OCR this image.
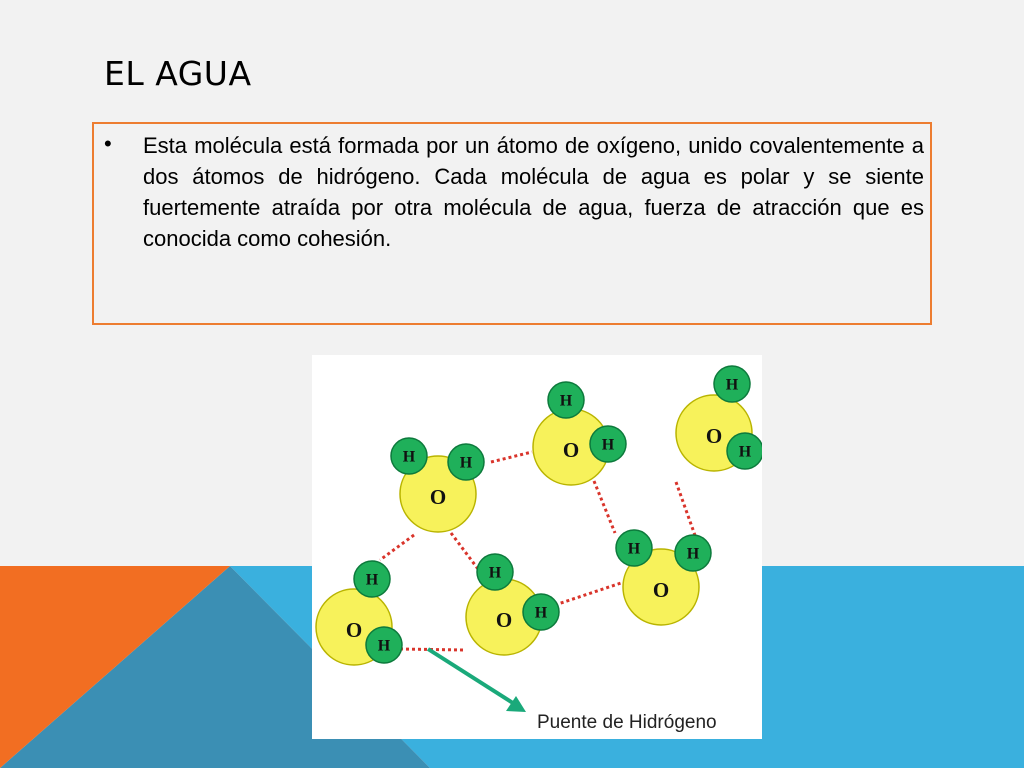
EL AGUA
• Esta molécula está formada por un átomo de oxígeno, unido covalentemente a dos átomos de hidrógeno. Cada molécula de agua es polar y se siente fuertemente atraída por otra molécula de agua, fuerza de atracción que es conocida como cohesión.

O
H	H
O
H
H	O
H
H
O
H
H
O
H
H
O
H	H
Puente de Hidrógeno
